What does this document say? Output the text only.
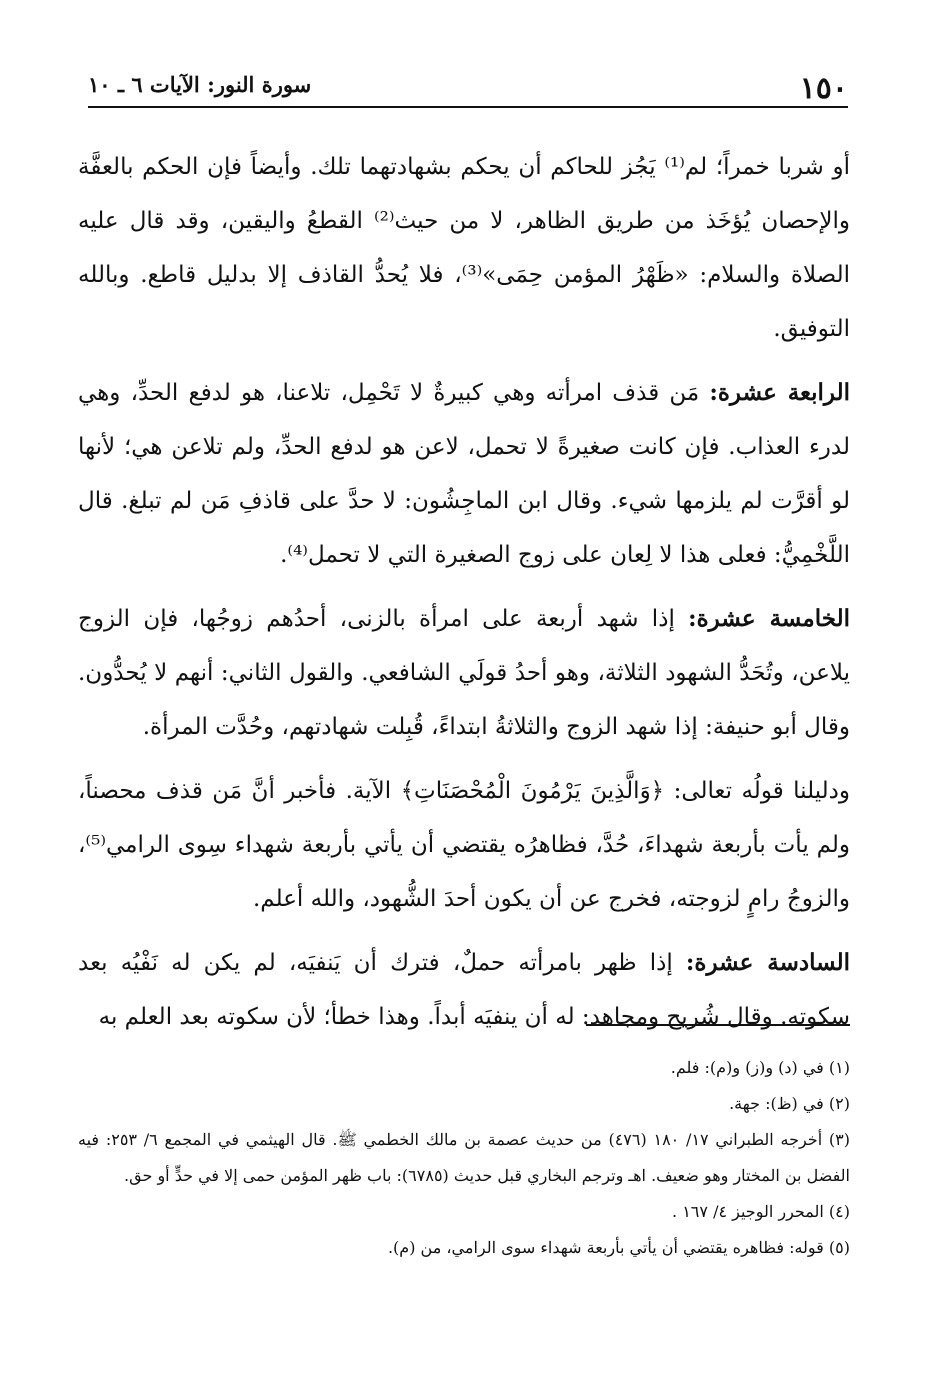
١٥٠
سورة النور: الآيات ٦ ـ ١٠

أو شربا خمراً؛ لم⁽¹⁾ يَجُز للحاكم أن يحكم بشهادتهما تلك. وأيضاً فإن الحكم بالعفَّة والإحصان يُؤخَذ من طريق الظاهر، لا من حيث⁽²⁾ القطعُ واليقين، وقد قال عليه الصلاة والسلام: «ظَهْرُ المؤمن حِمَى»⁽³⁾، فلا يُحدُّ القاذف إلا بدليل قاطع. وبالله التوفيق.

الرابعة عشرة: مَن قذف امرأته وهي كبيرةٌ لا تَحْمِل، تلاعنا، هو لدفع الحدِّ، وهي لدرء العذاب. فإن كانت صغيرةً لا تحمل، لاعن هو لدفع الحدِّ، ولم تلاعن هي؛ لأنها لو أقرَّت لم يلزمها شيء. وقال ابن الماجِشُون: لا حدَّ على قاذفِ مَن لم تبلغ. قال اللَّخْمِيُّ: فعلى هذا لا لِعان على زوج الصغيرة التي لا تحمل⁽⁴⁾.

الخامسة عشرة: إذا شهد أربعة على امرأة بالزنى، أحدُهم زوجُها، فإن الزوج يلاعن، وتُحَدُّ الشهود الثلاثة، وهو أحدُ قولَي الشافعي. والقول الثاني: أنهم لا يُحدُّون. وقال أبو حنيفة: إذا شهد الزوج والثلاثةُ ابتداءً، قُبِلت شهادتهم، وحُدَّت المرأة.

ودليلنا قولُه تعالى: ﴿وَالَّذِينَ يَرْمُونَ الْمُحْصَنَاتِ﴾ الآية. فأخبر أنَّ مَن قذف محصناً، ولم يأت بأربعة شهداءَ، حُدَّ، فظاهرُه يقتضي أن يأتي بأربعة شهداء سِوى الرامي⁽⁵⁾، والزوجُ رامٍ لزوجته، فخرج عن أن يكون أحدَ الشُّهود، والله أعلم.

السادسة عشرة: إذا ظهر بامرأته حملٌ، فترك أن يَنفيَه، لم يكن له نَفْيُه بعد سكوته. وقال شُريح ومجاهد: له أن ينفيَه أبداً. وهذا خطأ؛ لأن سكوته بعد العلم به

(١) في (د) و(ز) و(م): فلم.

(٢) في (ظ): جهة.

(٣) أخرجه الطبراني ١٧/ ١٨٠ (٤٧٦) من حديث عصمة بن مالك الخطمي ﷺ. قال الهيثمي في المجمع ٦/ ٢٥٣: فيه الفضل بن المختار وهو ضعيف. اهـ وترجم البخاري قبل حديث (٦٧٨٥): باب ظهر المؤمن حمى إلا في حدٍّ أو حق.

(٤) المحرر الوجيز ٤/ ١٦٧ .

(٥) قوله: فظاهره يقتضي أن يأتي بأربعة شهداء سوى الرامي، من (م).
